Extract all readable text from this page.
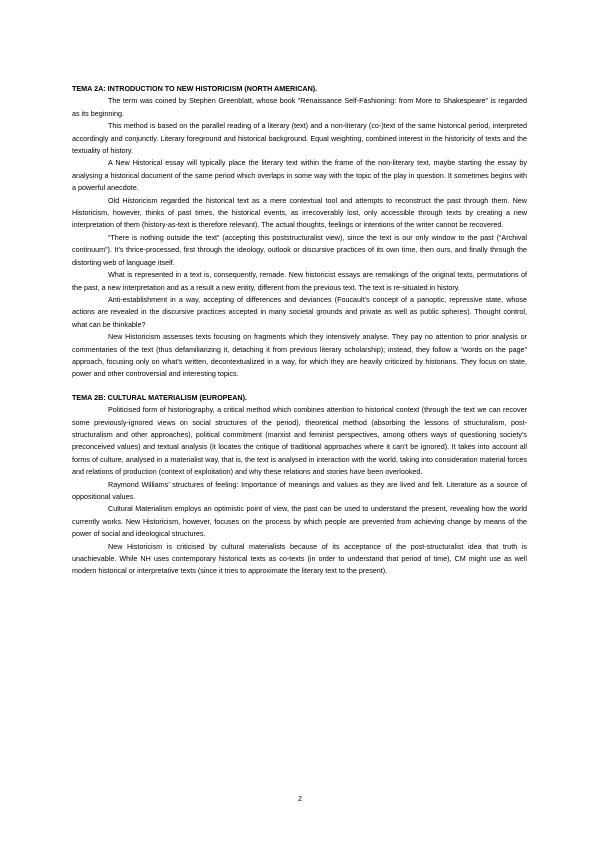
TEMA 2A: INTRODUCTION TO NEW HISTORICISM (NORTH AMERICAN).

The term was coined by Stephen Greenblatt, whose book “Renaissance Self-Fashioning: from More to Shakespeare” is regarded as its beginning.

This method is based on the parallel reading of a literary (text) and a non-literary (co-)text of the same historical period, interpreted accordingly and conjunctly. Literary foreground and historical background. Equal weighting, combined interest in the historicity of texts and the textuality of history.

A New Historical essay will typically place the literary text within the frame of the non-literary text, maybe starting the essay by analysing a historical document of the same period which overlaps in some way with the topic of the play in question. It sometimes begins with a powerful anecdote.

Old Historicism regarded the historical text as a mere contextual tool and attempts to reconstruct the past through them. New Historicism, however, thinks of past times, the historical events, as irrecoverably lost, only accessible through texts by creating a new interpretation of them (history-as-text is therefore relevant). The actual thoughts, feelings or intentions of the writer cannot be recovered.

“There is nothing outside the text” (accepting this poststructuralist view), since the text is our only window to the past (“Archival continuum”). It’s thrice-processed, first through the ideology, outlook or discursive practices of its own time, then ours, and finally through the distorting web of language itself.

What is represented in a text is, consequently, remade. New historicist essays are remakings of the original texts, permutations of the past, a new interpretation and as a result a new entity, different from the previous text. The text is re-situated in history.

Anti-establishment in a way, accepting of differences and deviances (Foucault’s concept of a panoptic, repressive state, whose actions are revealed in the discursive practices accepted in many societal grounds and private as well as public spheres). Thought control, what can be thinkable?

New Historicism assesses texts focusing on fragments which they intensively analyse. They pay no attention to prior analysis or commentaries of the text (thus defamiliarizing it, detaching it from previous literary scholarship); instead, they follow a “words on the page” approach, focusing only on what’s written, decontextualized in a way, for which they are heavily criticized by historians. They focus on state, power and other controversial and interesting topics.

TEMA 2B: CULTURAL MATERIALISM (EUROPEAN).

Politicised form of historiography, a critical method which combines attention to historical context (through the text we can recover some previously-ignored views on social structures of the period), theoretical method (absorbing the lessons of structuralism, post-structuralism and other approaches), political commitment (marxist and feminist perspectives, among others ways of questioning society’s preconceived values) and textual analysis (it locates the critique of traditional approaches where it can’t be ignored). It takes into account all forms of culture, analysed in a materialist way, that is, the text is analysed in interaction with the world, taking into consideration material forces and relations of production (context of exploitation) and why these relations and stories have been overlooked.

Raymond Williams’ structures of feeling: Importance of meanings and values as they are lived and felt. Literature as a source of oppositional values.

Cultural Materialism employs an optimistic point of view, the past can be used to understand the present, revealing how the world currently works. New Historicism, however, focuses on the process by which people are prevented from achieving change by means of the power of social and ideological structures.

New Historicism is criticised by cultural materialists because of its acceptance of the post-structuralist idea that truth is unachievable. While NH uses contemporary historical texts as co-texts (in order to understand that period of time), CM might use as well modern historical or interpretative texts (since it tries to approximate the literary text to the present).

2
